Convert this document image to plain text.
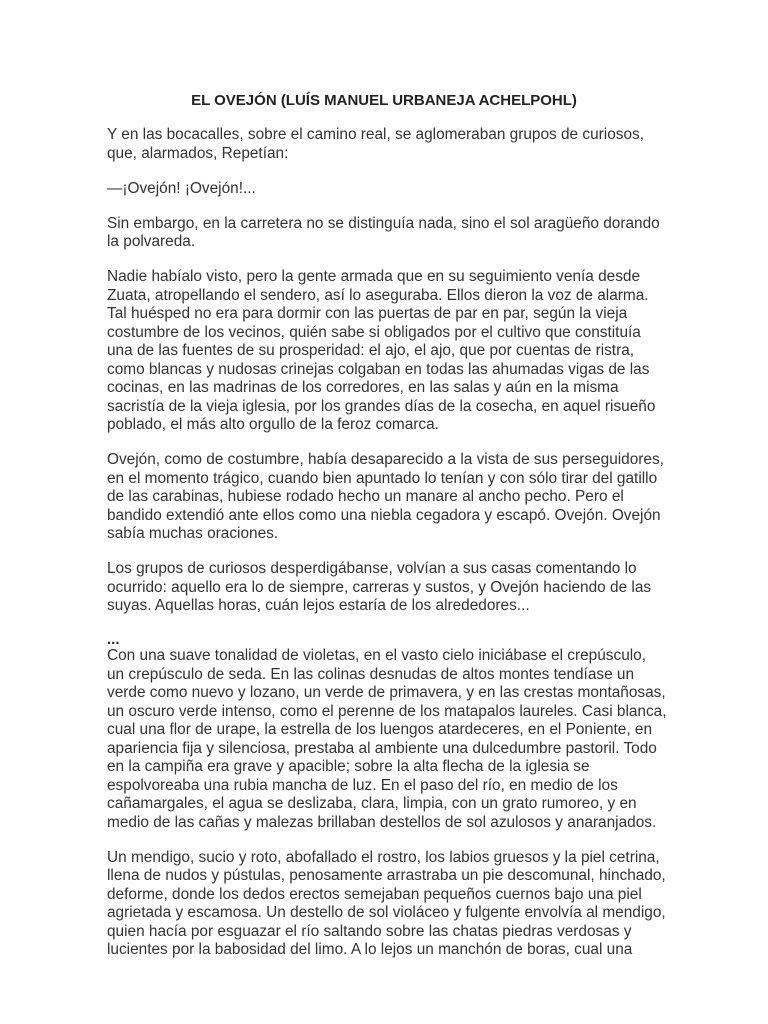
EL OVEJÓN (LUÍS MANUEL URBANEJA ACHELPOHL)

Y en las bocacalles, sobre el camino real, se aglomeraban grupos de curiosos, que, alarmados, Repetían:

—¡Ovejón! ¡Ovejón!...

Sin embargo, en la carretera no se distinguía nada, sino el sol aragüeño dorando la polvareda.

Nadie habíalo visto, pero la gente armada que en su seguimiento venía desde Zuata, atropellando el sendero, así lo aseguraba. Ellos dieron la voz de alarma. Tal huésped no era para dormir con las puertas de par en par, según la vieja costumbre de los vecinos, quién sabe si obligados por el cultivo que constituía una de las fuentes de su prosperidad: el ajo, el ajo, que por cuentas de ristra, como blancas y nudosas crinejas colgaban en todas las ahumadas vigas de las cocinas, en las madrinas de los corredores, en las salas y aún en la misma sacristía de la vieja iglesia, por los grandes días de la cosecha, en aquel risueño poblado, el más alto orgullo de la feroz comarca.

Ovejón, como de costumbre, había desaparecido a la vista de sus perseguidores, en el momento trágico, cuando bien apuntado lo tenían y con sólo tirar del gatillo de las carabinas, hubiese rodado hecho un manare al ancho pecho. Pero el bandido extendió ante ellos como una niebla cegadora y escapó. Ovejón. Ovejón sabía muchas oraciones.

Los grupos de curiosos desperdigábanse, volvían a sus casas comentando lo ocurrido: aquello era lo de siempre, carreras y sustos, y Ovejón haciendo de las suyas. Aquellas horas, cuán lejos estaría de los alrededores...

...

Con una suave tonalidad de violetas, en el vasto cielo iniciábase el crepúsculo, un crepúsculo de seda. En las colinas desnudas de altos montes tendíase un verde como nuevo y lozano, un verde de primavera, y en las crestas montañosas, un oscuro verde intenso, como el perenne de los matapalos laureles. Casi blanca, cual una flor de urape, la estrella de los luengos atardeceres, en el Poniente, en apariencia fija y silenciosa, prestaba al ambiente una dulcedumbre pastoril. Todo en la campiña era grave y apacible; sobre la alta flecha de la iglesia se espolvoreaba una rubia mancha de luz. En el paso del río, en medio de los cañamargales, el agua se deslizaba, clara, limpia, con un grato rumoreo, y en medio de las cañas y malezas brillaban destellos de sol azulosos y anaranjados.

Un mendigo, sucio y roto, abofallado el rostro, los labios gruesos y la piel cetrina, llena de nudos y pústulas, penosamente arrastraba un pie descomunal, hinchado, deforme, donde los dedos erectos semejaban pequeños cuernos bajo una piel agrietada y escamosa. Un destello de sol violáceo y fulgente envolvía al mendigo, quien hacía por esguazar el río saltando sobre las chatas piedras verdosas y lucientes por la babosidad del limo. A lo lejos un manchón de boras, cual una
